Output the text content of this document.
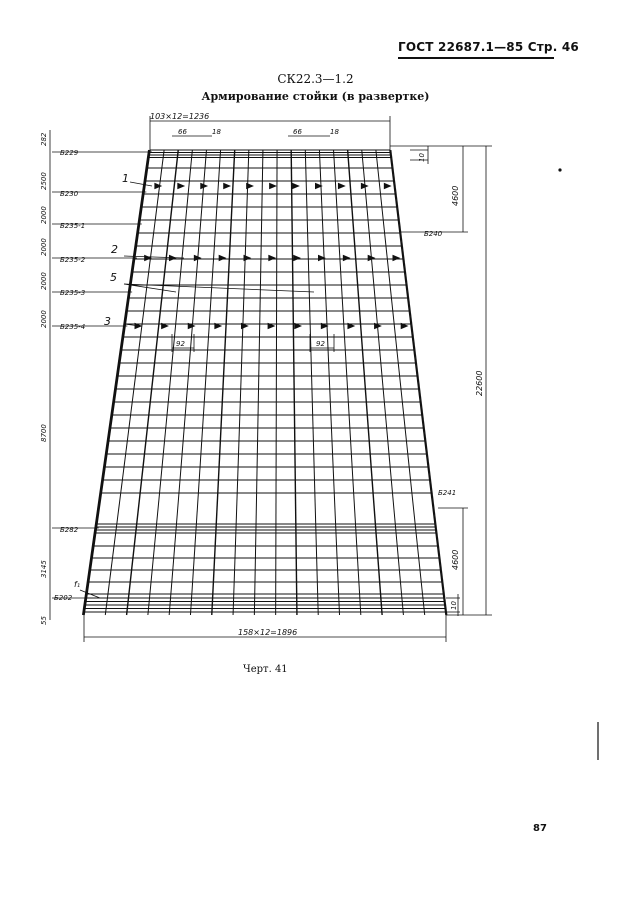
ГОСТ 22687.1—85 Стр. 46
СК22.3—1.2
Армирование стойки (в развертке)
103×12=1236
158×12=1896
282
2500
2000
2000
2000
2000
8700
3145
55
4600
22600
4600
10
10
66	18	66	18
92	92
Б229
Б230
Б235-1
Б235-2
Б235-3
Б235-4
Б282
Б202
Б240
Б241
1
2
3
5
f₁
Черт. 41
87
